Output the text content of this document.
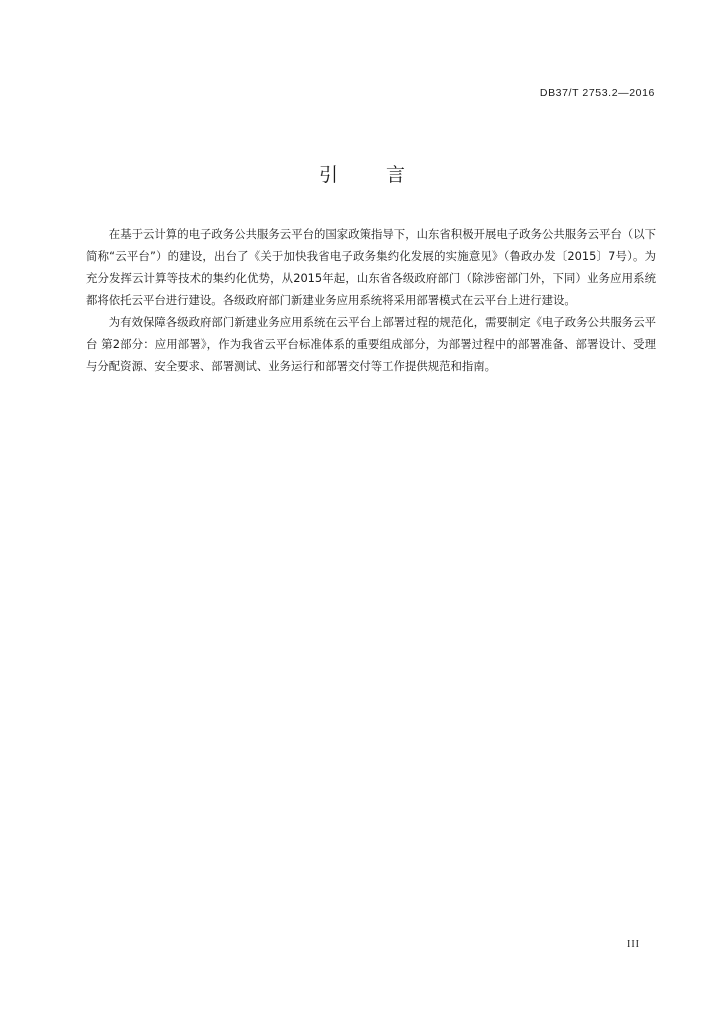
DB37/T 2753.2—2016
引 言

在基于云计算的电子政务公共服务云平台的国家政策指导下，山东省积极开展电子政务公共服务云平台（以下简称“云平台”）的建设，出台了《关于加快我省电子政务集约化发展的实施意见》（鲁政办发〔2015〕7号）。为充分发挥云计算等技术的集约化优势，从2015年起，山东省各级政府部门（除涉密部门外，下同）业务应用系统都将依托云平台进行建设。各级政府部门新建业务应用系统将采用部署模式在云平台上进行建设。

为有效保障各级政府部门新建业务应用系统在云平台上部署过程的规范化，需要制定《电子政务公共服务云平台 第2部分：应用部署》，作为我省云平台标准体系的重要组成部分，为部署过程中的部署准备、部署设计、受理与分配资源、安全要求、部署测试、业务运行和部署交付等工作提供规范和指南。

III
